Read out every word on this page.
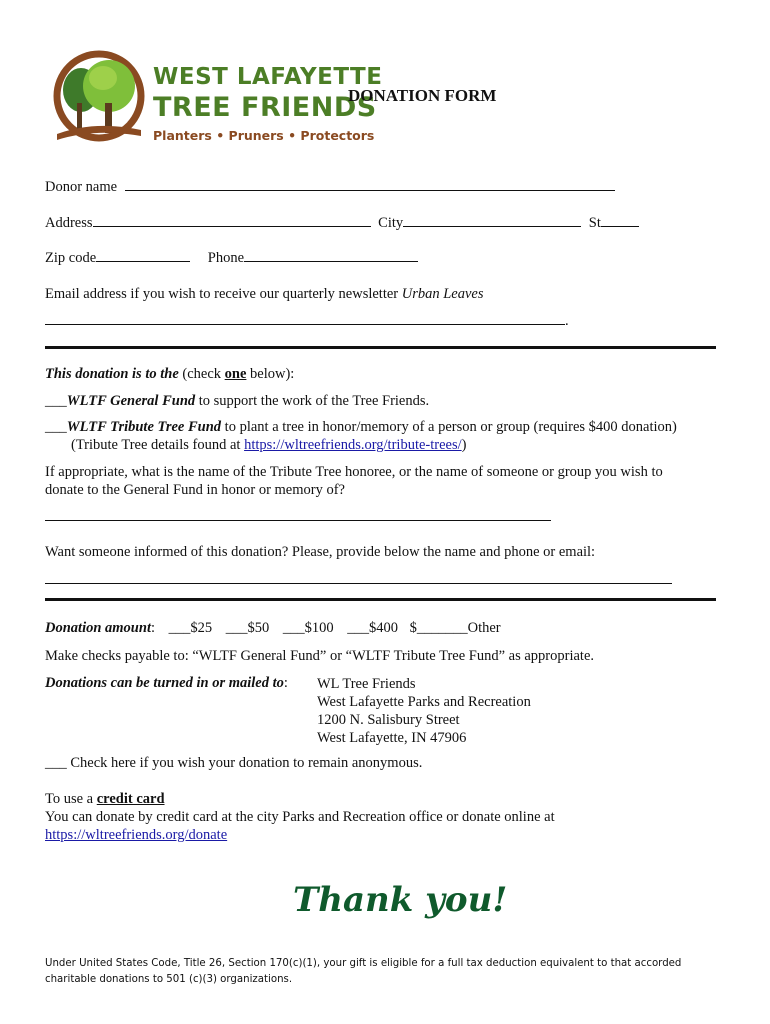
WEST LAFAYETTE
TREE FRIENDS
Planters • Pruners • Protectors
DONATION FORM
Donor name
Address	City	St
Zip code	Phone
Email address if you wish to receive our quarterly newsletter Urban Leaves
.
This donation is to the (check one below):
___WLTF General Fund to support the work of the Tree Friends.
___WLTF Tribute Tree Fund to plant a tree in honor/memory of a person or group (requires $400 donation)
(Tribute Tree details found at https://wltreefriends.org/tribute-trees/)
If appropriate, what is the name of the Tribute Tree honoree, or the name of someone or group you wish to
donate to the General Fund in honor or memory of?
Want someone informed of this donation? Please, provide below the name and phone or email:
Donation amount: ___$25 ___$50 ___$100 ___$400 $_______Other
Make checks payable to: “WLTF General Fund” or “WLTF Tribute Tree Fund” as appropriate.
Donations can be turned in or mailed to: WL Tree Friends
West Lafayette Parks and Recreation
1200 N. Salisbury Street
West Lafayette, IN 47906
___ Check here if you wish your donation to remain anonymous.
To use a credit card
You can donate by credit card at the city Parks and Recreation office or donate online at
https://wltreefriends.org/donate
Thank you!
Under United States Code, Title 26, Section 170(c)(1), your gift is eligible for a full tax deduction equivalent to that accorded
charitable donations to 501 (c)(3) organizations.
